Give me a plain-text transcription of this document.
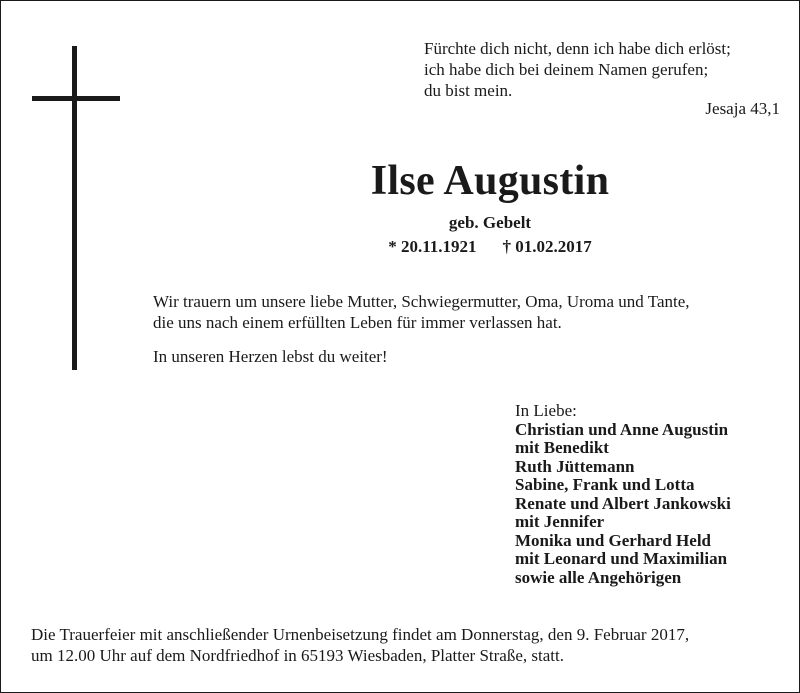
Fürchte dich nicht, denn ich habe dich erlöst;
ich habe dich bei deinem Namen gerufen;
du bist mein.
Jesaja 43,1
Ilse Augustin
geb. Gebelt
* 20.11.1921 † 01.02.2017
Wir trauern um unsere liebe Mutter, Schwiegermutter, Oma, Uroma und Tante,
die uns nach einem erfüllten Leben für immer verlassen hat.
In unseren Herzen lebst du weiter!
In Liebe:
Christian und Anne Augustin
mit Benedikt
Ruth Jüttemann
Sabine, Frank und Lotta
Renate und Albert Jankowski
mit Jennifer
Monika und Gerhard Held
mit Leonard und Maximilian
sowie alle Angehörigen
Die Trauerfeier mit anschließender Urnenbeisetzung findet am Donnerstag, den 9. Februar 2017,
um 12.00 Uhr auf dem Nordfriedhof in 65193 Wiesbaden, Platter Straße, statt.
